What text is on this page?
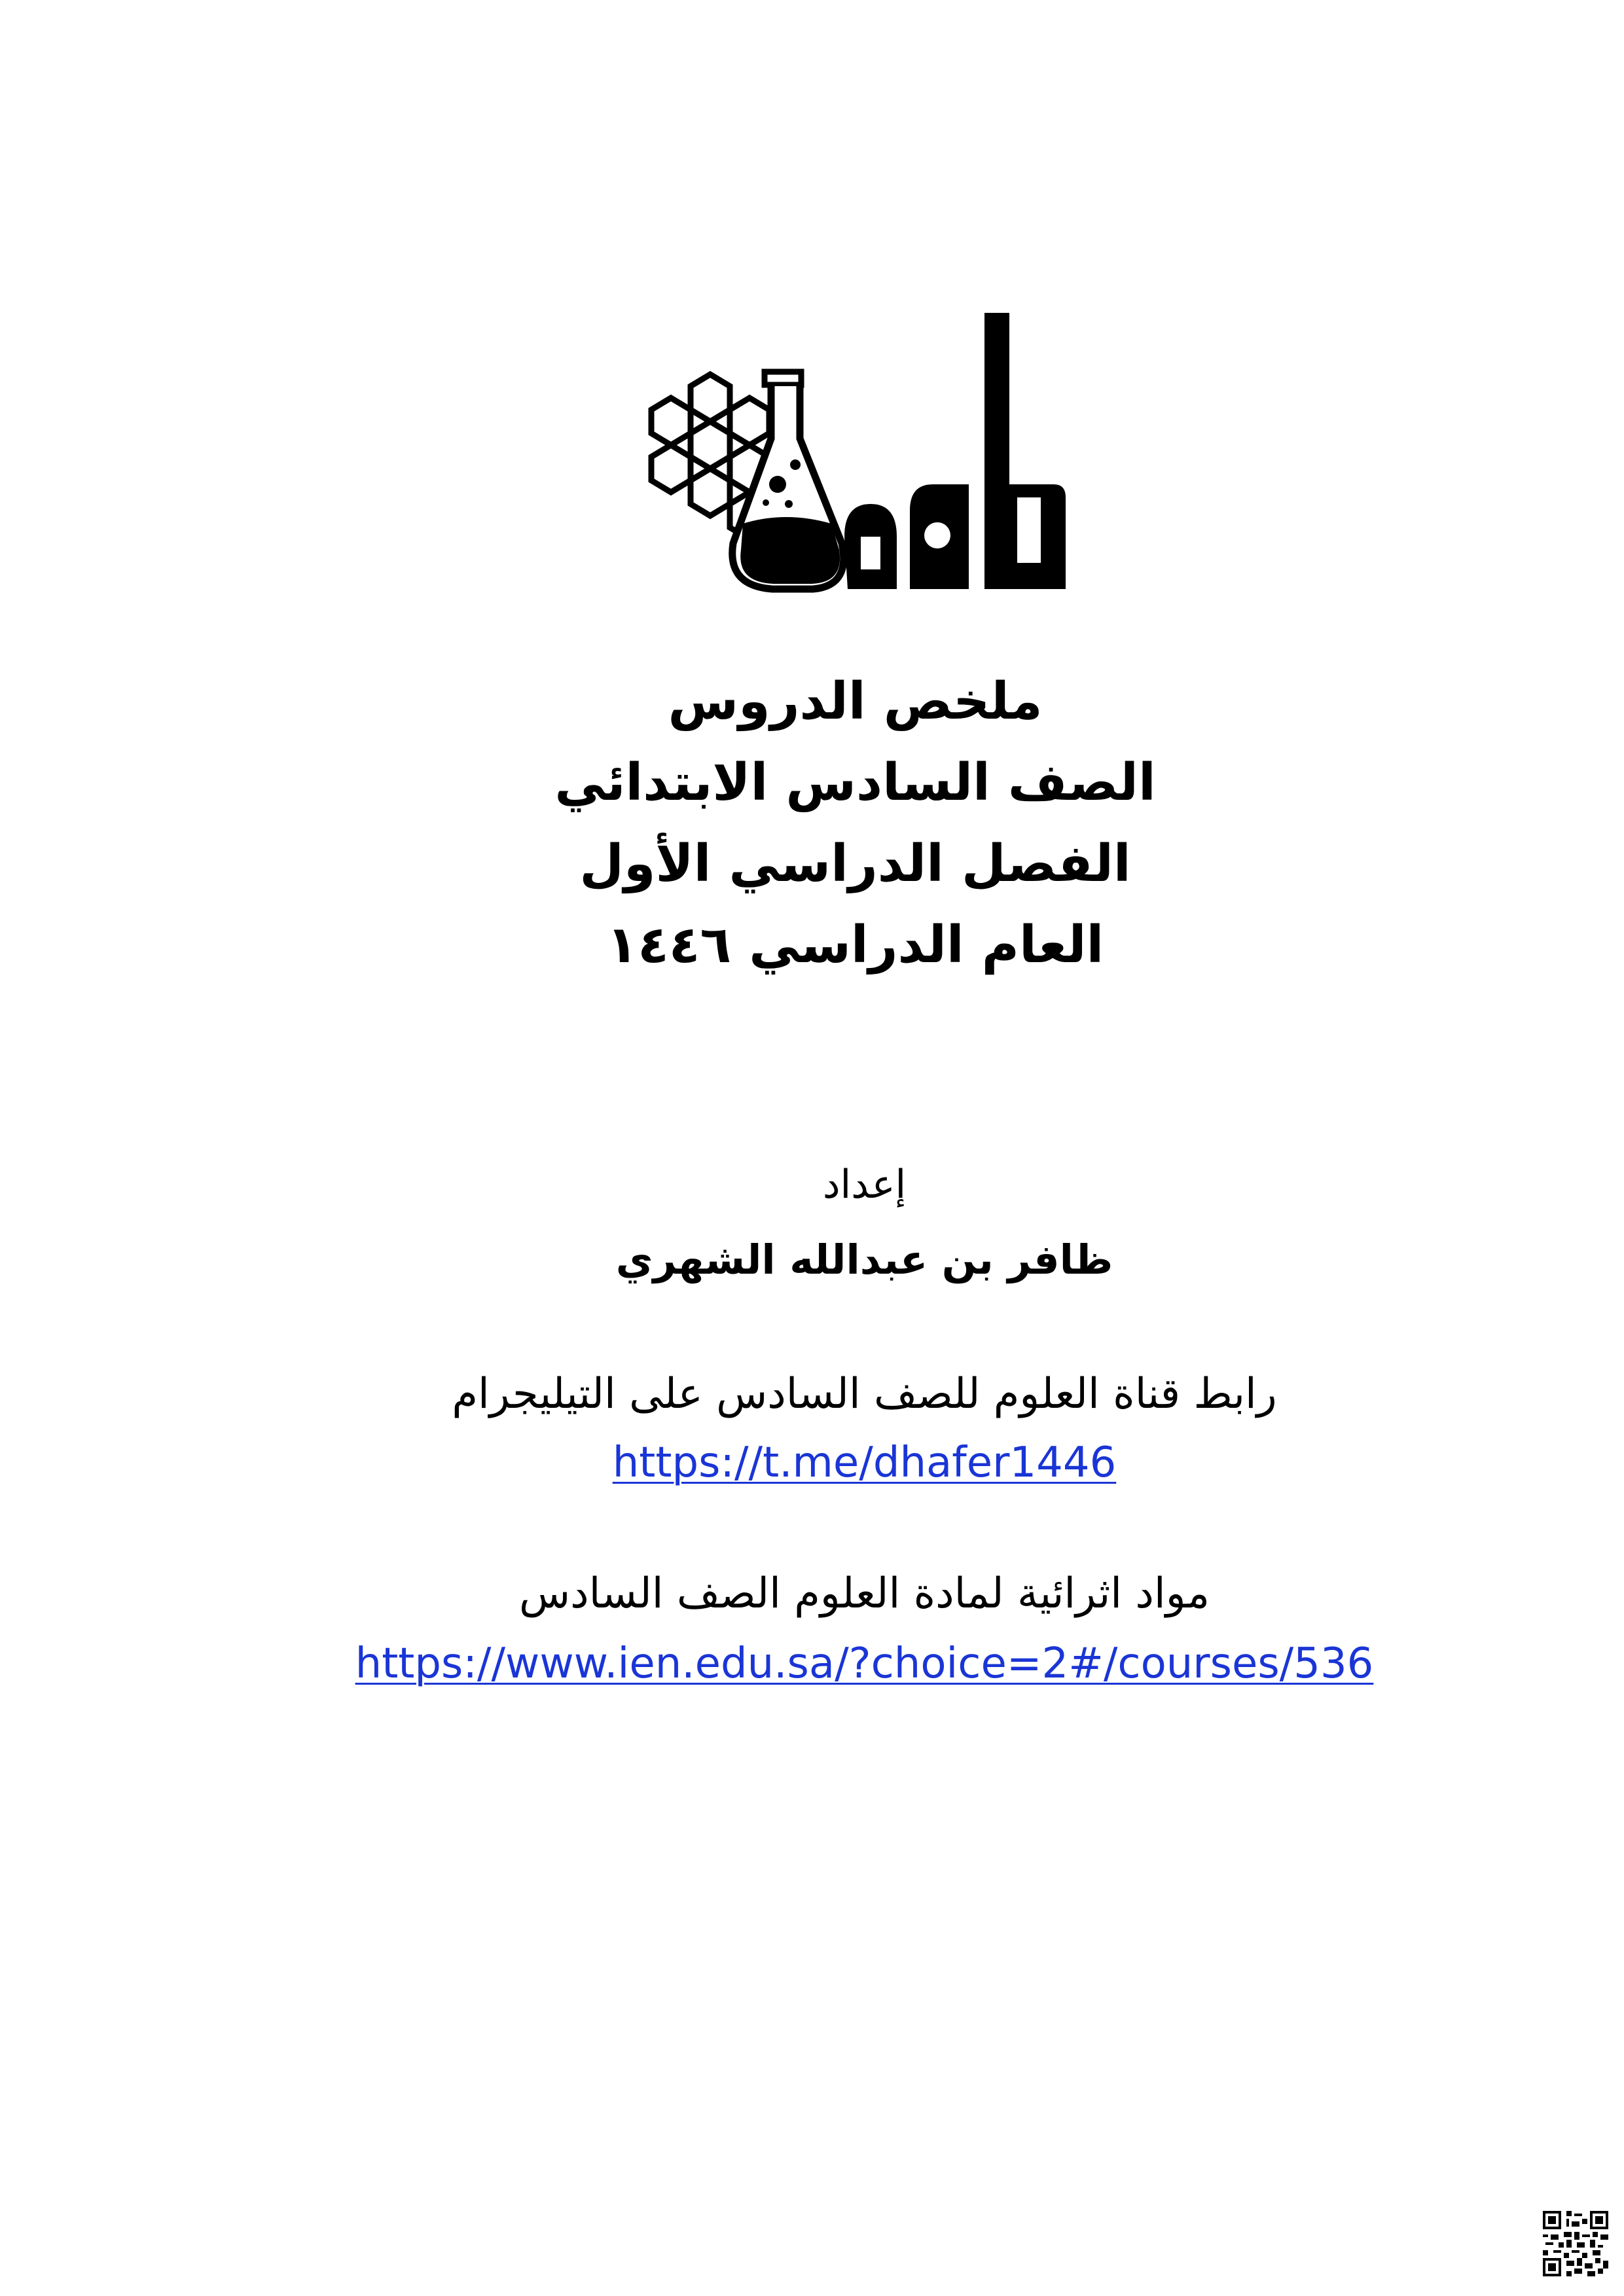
ملخص الدروس
الصف السادس الابتدائي
الفصل الدراسي الأول
العام الدراسي ١٤٤٦
إعداد
ظافر بن عبدالله الشهري
رابط قناة العلوم للصف السادس على التيليجرام
https://t.me/dhafer1446
مواد اثرائية لمادة العلوم الصف السادس
https://www.ien.edu.sa/?choice=2#/courses/536
